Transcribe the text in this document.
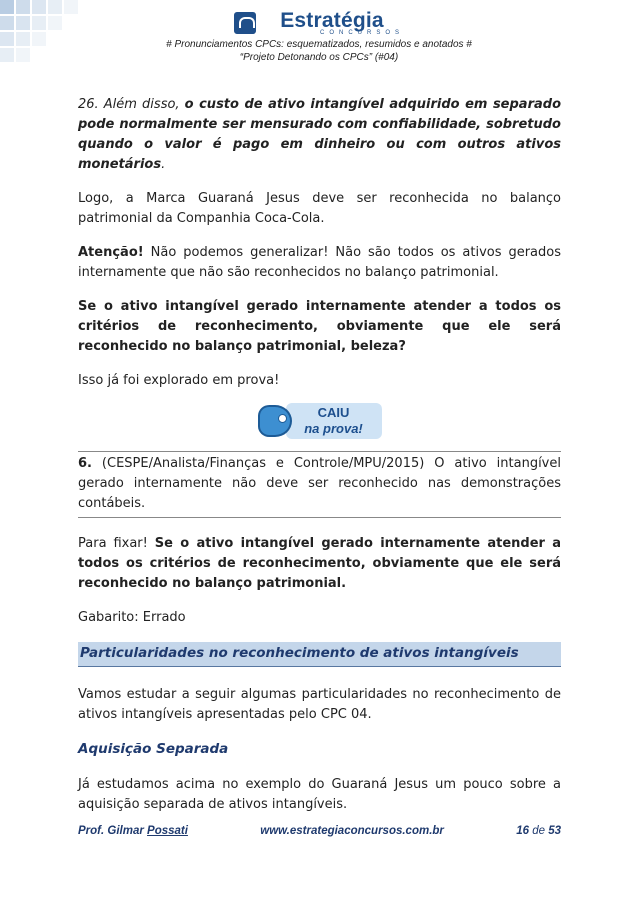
Estratégia
CONCURSOS
# Pronunciamentos CPCs: esquematizados, resumidos e anotados #
“Projeto Detonando os CPCs” (#04)

26. Além disso, o custo de ativo intangível adquirido em separado pode normalmente ser mensurado com confiabilidade, sobretudo quando o valor é pago em dinheiro ou com outros ativos monetários.

Logo, a Marca Guaraná Jesus deve ser reconhecida no balanço patrimonial da Companhia Coca-Cola.

Atenção! Não podemos generalizar! Não são todos os ativos gerados internamente que não são reconhecidos no balanço patrimonial.

Se o ativo intangível gerado internamente atender a todos os critérios de reconhecimento, obviamente que ele será reconhecido no balanço patrimonial, beleza?

Isso já foi explorado em prova!

CAIU
na prova!

6. (CESPE/Analista/Finanças e Controle/MPU/2015) O ativo intangível gerado internamente não deve ser reconhecido nas demonstrações contábeis.

Para fixar! Se o ativo intangível gerado internamente atender a todos os critérios de reconhecimento, obviamente que ele será reconhecido no balanço patrimonial.

Gabarito: Errado

Particularidades no reconhecimento de ativos intangíveis

Vamos estudar a seguir algumas particularidades no reconhecimento de ativos intangíveis apresentadas pelo CPC 04.

Aquisição Separada

Já estudamos acima no exemplo do Guaraná Jesus um pouco sobre a aquisição separada de ativos intangíveis.

Prof. Gilmar Possati	www.estrategiaconcursos.com.br	16 de 53
